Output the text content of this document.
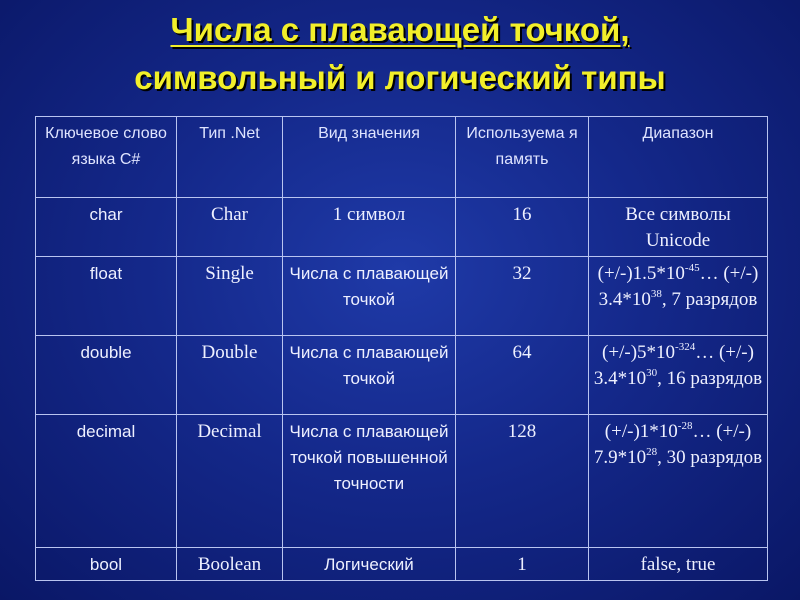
Числа с плавающей точкой,
символьный и логический типы
Ключевое слово языка C#	Тип .Net	Вид значения	Используема я память	Диапазон
char	Char	1 символ	16	Все символы Unicode
float	Single	Числа с плавающей точкой	32	$(+/-)1.5*10^{-45}\dots$ (+/-) $3.4*10^{38}$, 7 разрядов
double	Double	Числа с плавающей точкой	64	$(+/-)5*10^{-324}\dots$ (+/-) $3.4*10^{30}$, 16 разрядов
decimal	Decimal	Числа с плавающей точкой повышенной точности	128	$(+/-)1*10^{-28}\dots$ (+/-) $7.9*10^{28}$, 30 разрядов
bool	Boolean	Логический	1	false, true
